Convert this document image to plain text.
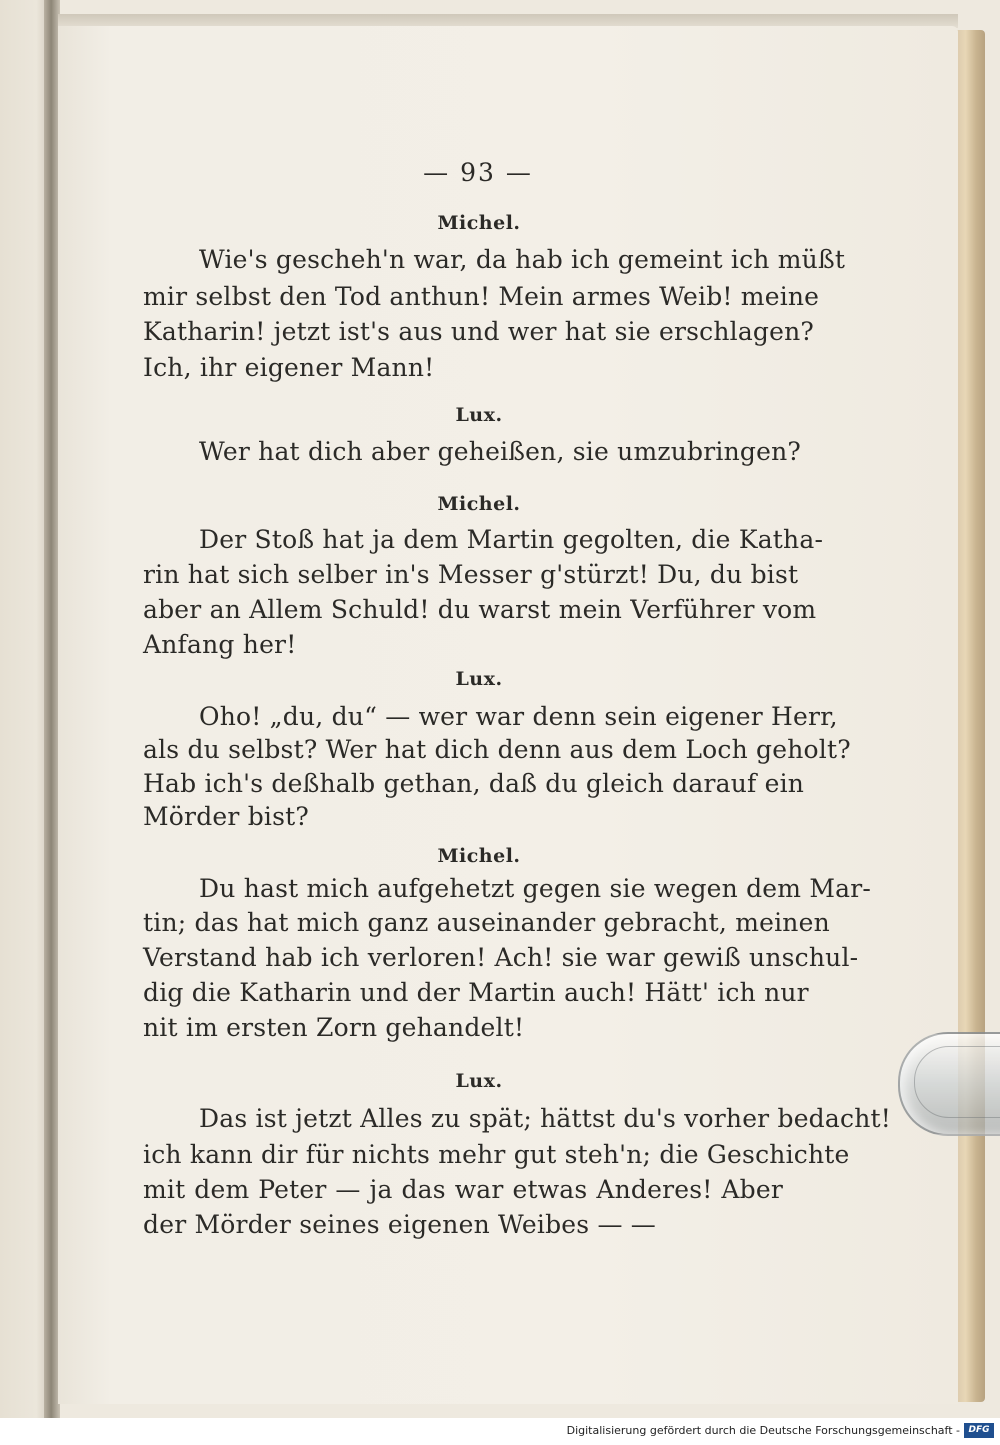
— 93 —
Michel.
Wie's gescheh'n war, da hab ich gemeint ich müßt
mir selbst den Tod anthun! Mein armes Weib! meine
Katharin! jetzt ist's aus und wer hat sie erschlagen?
Ich, ihr eigener Mann!
Lux.
Wer hat dich aber geheißen, sie umzubringen?
Michel.
Der Stoß hat ja dem Martin gegolten, die Katha-
rin hat sich selber in's Messer g'stürzt! Du, du bist
aber an Allem Schuld! du warst mein Verführer vom
Anfang her!
Lux.
Oho! „du, du“ — wer war denn sein eigener Herr,
als du selbst? Wer hat dich denn aus dem Loch geholt?
Hab ich's deßhalb gethan, daß du gleich darauf ein
Mörder bist?
Michel.
Du hast mich aufgehetzt gegen sie wegen dem Mar-
tin; das hat mich ganz auseinander gebracht, meinen
Verstand hab ich verloren! Ach! sie war gewiß unschul-
dig die Katharin und der Martin auch! Hätt' ich nur
nit im ersten Zorn gehandelt!
Lux.
Das ist jetzt Alles zu spät; hättst du's vorher bedacht!
ich kann dir für nichts mehr gut steh'n; die Geschichte
mit dem Peter — ja das war etwas Anderes! Aber
der Mörder seines eigenen Weibes — —
Digitalisierung gefördert durch die Deutsche Forschungsgemeinschaft - DFG
